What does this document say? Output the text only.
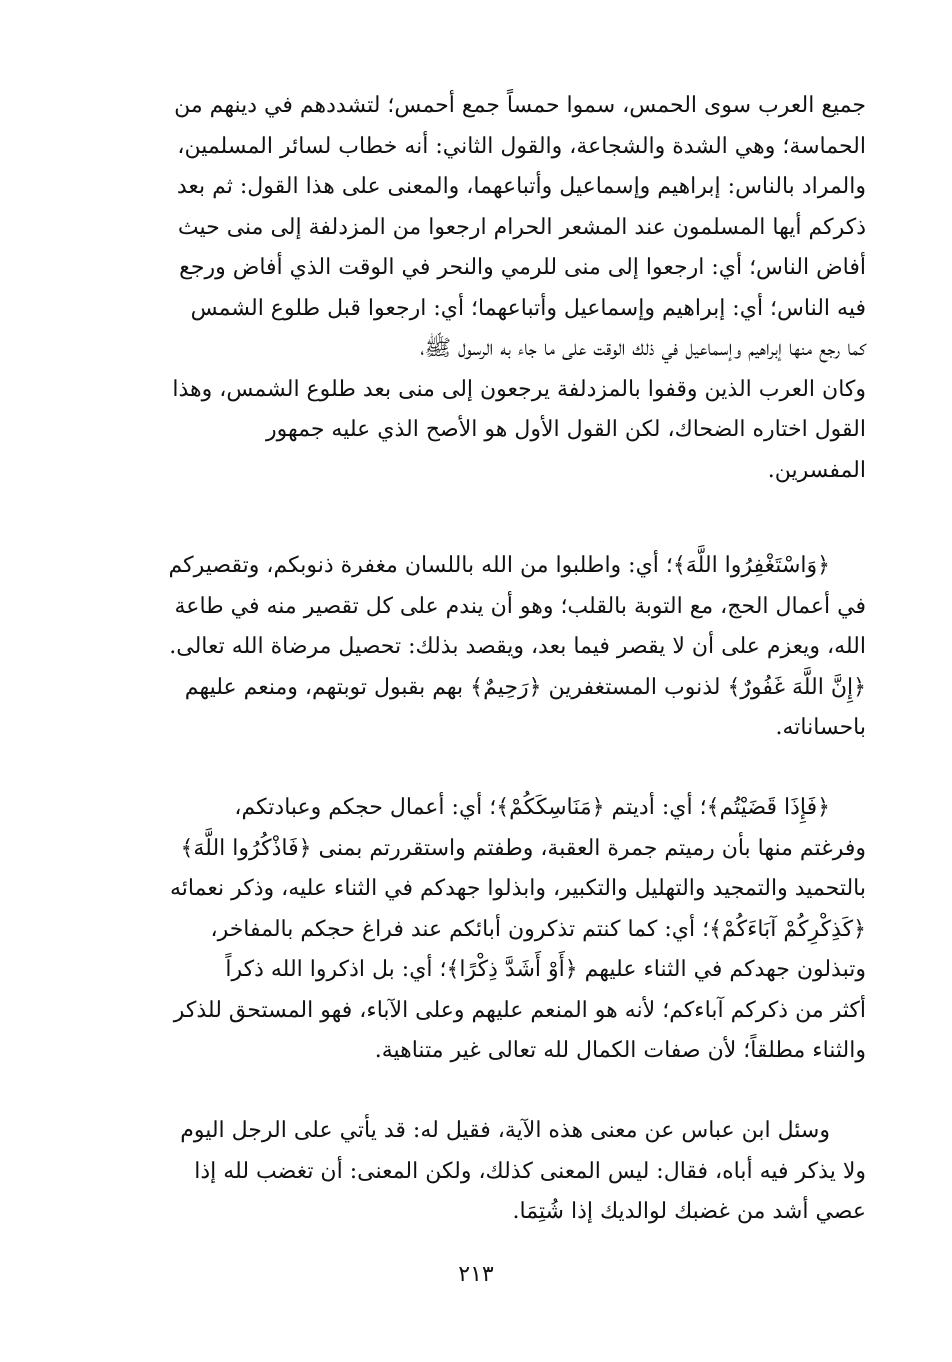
جميع العرب سوى الحمس، سموا حمساً جمع أحمس؛ لتشددهم في دينهم من
الحماسة؛ وهي الشدة والشجاعة، والقول الثاني: أنه خطاب لسائر المسلمين،
والمراد بالناس: إبراهيم وإسماعيل وأتباعهما، والمعنى على هذا القول: ثم بعد
ذكركم أيها المسلمون عند المشعر الحرام ارجعوا من المزدلفة إلى منى حيث
أفاض الناس؛ أي: ارجعوا إلى منى للرمي والنحر في الوقت الذي أفاض ورجع
فيه الناس؛ أي: إبراهيم وإسماعيل وأتباعهما؛ أي: ارجعوا قبل طلوع الشمس
كما رجع منها إبراهيم وإسماعيل في ذلك الوقت على ما جاء به الرسول ﷺ،
وكان العرب الذين وقفوا بالمزدلفة يرجعون إلى منى بعد طلوع الشمس، وهذا
القول اختاره الضحاك، لكن القول الأول هو الأصح الذي عليه جمهور
المفسرين.
﴿وَاسْتَغْفِرُوا اللَّهَ﴾؛ أي: واطلبوا من الله باللسان مغفرة ذنوبكم، وتقصيركم
في أعمال الحج، مع التوبة بالقلب؛ وهو أن يندم على كل تقصير منه في طاعة
الله، ويعزم على أن لا يقصر فيما بعد، ويقصد بذلك: تحصيل مرضاة الله تعالى.
﴿إِنَّ اللَّهَ غَفُورٌ﴾ لذنوب المستغفرين ﴿رَحِيمٌ﴾ بهم بقبول توبتهم، ومنعم عليهم
باحساناته.
﴿فَإِذَا قَضَيْتُم﴾؛ أي: أديتم ﴿مَنَاسِكَكُمْ﴾؛ أي: أعمال حجكم وعبادتكم،
وفرغتم منها بأن رميتم جمرة العقبة، وطفتم واستقررتم بمنى ﴿فَاذْكُرُوا اللَّهَ﴾
بالتحميد والتمجيد والتهليل والتكبير، وابذلوا جهدكم في الثناء عليه، وذكر نعمائه
﴿كَذِكْرِكُمْ آبَاءَكُمْ﴾؛ أي: كما كنتم تذكرون أبائكم عند فراغ حجكم بالمفاخر،
وتبذلون جهدكم في الثناء عليهم ﴿أَوْ أَشَدَّ ذِكْرًا﴾؛ أي: بل اذكروا الله ذكراً
أكثر من ذكركم آباءكم؛ لأنه هو المنعم عليهم وعلى الآباء، فهو المستحق للذكر
والثناء مطلقاً؛ لأن صفات الكمال لله تعالى غير متناهية.
وسئل ابن عباس عن معنى هذه الآية، فقيل له: قد يأتي على الرجل اليوم
ولا يذكر فيه أباه، فقال: ليس المعنى كذلك، ولكن المعنى: أن تغضب لله إذا
عصي أشد من غضبك لوالديك إذا شُتِمَا.
٢١٣
